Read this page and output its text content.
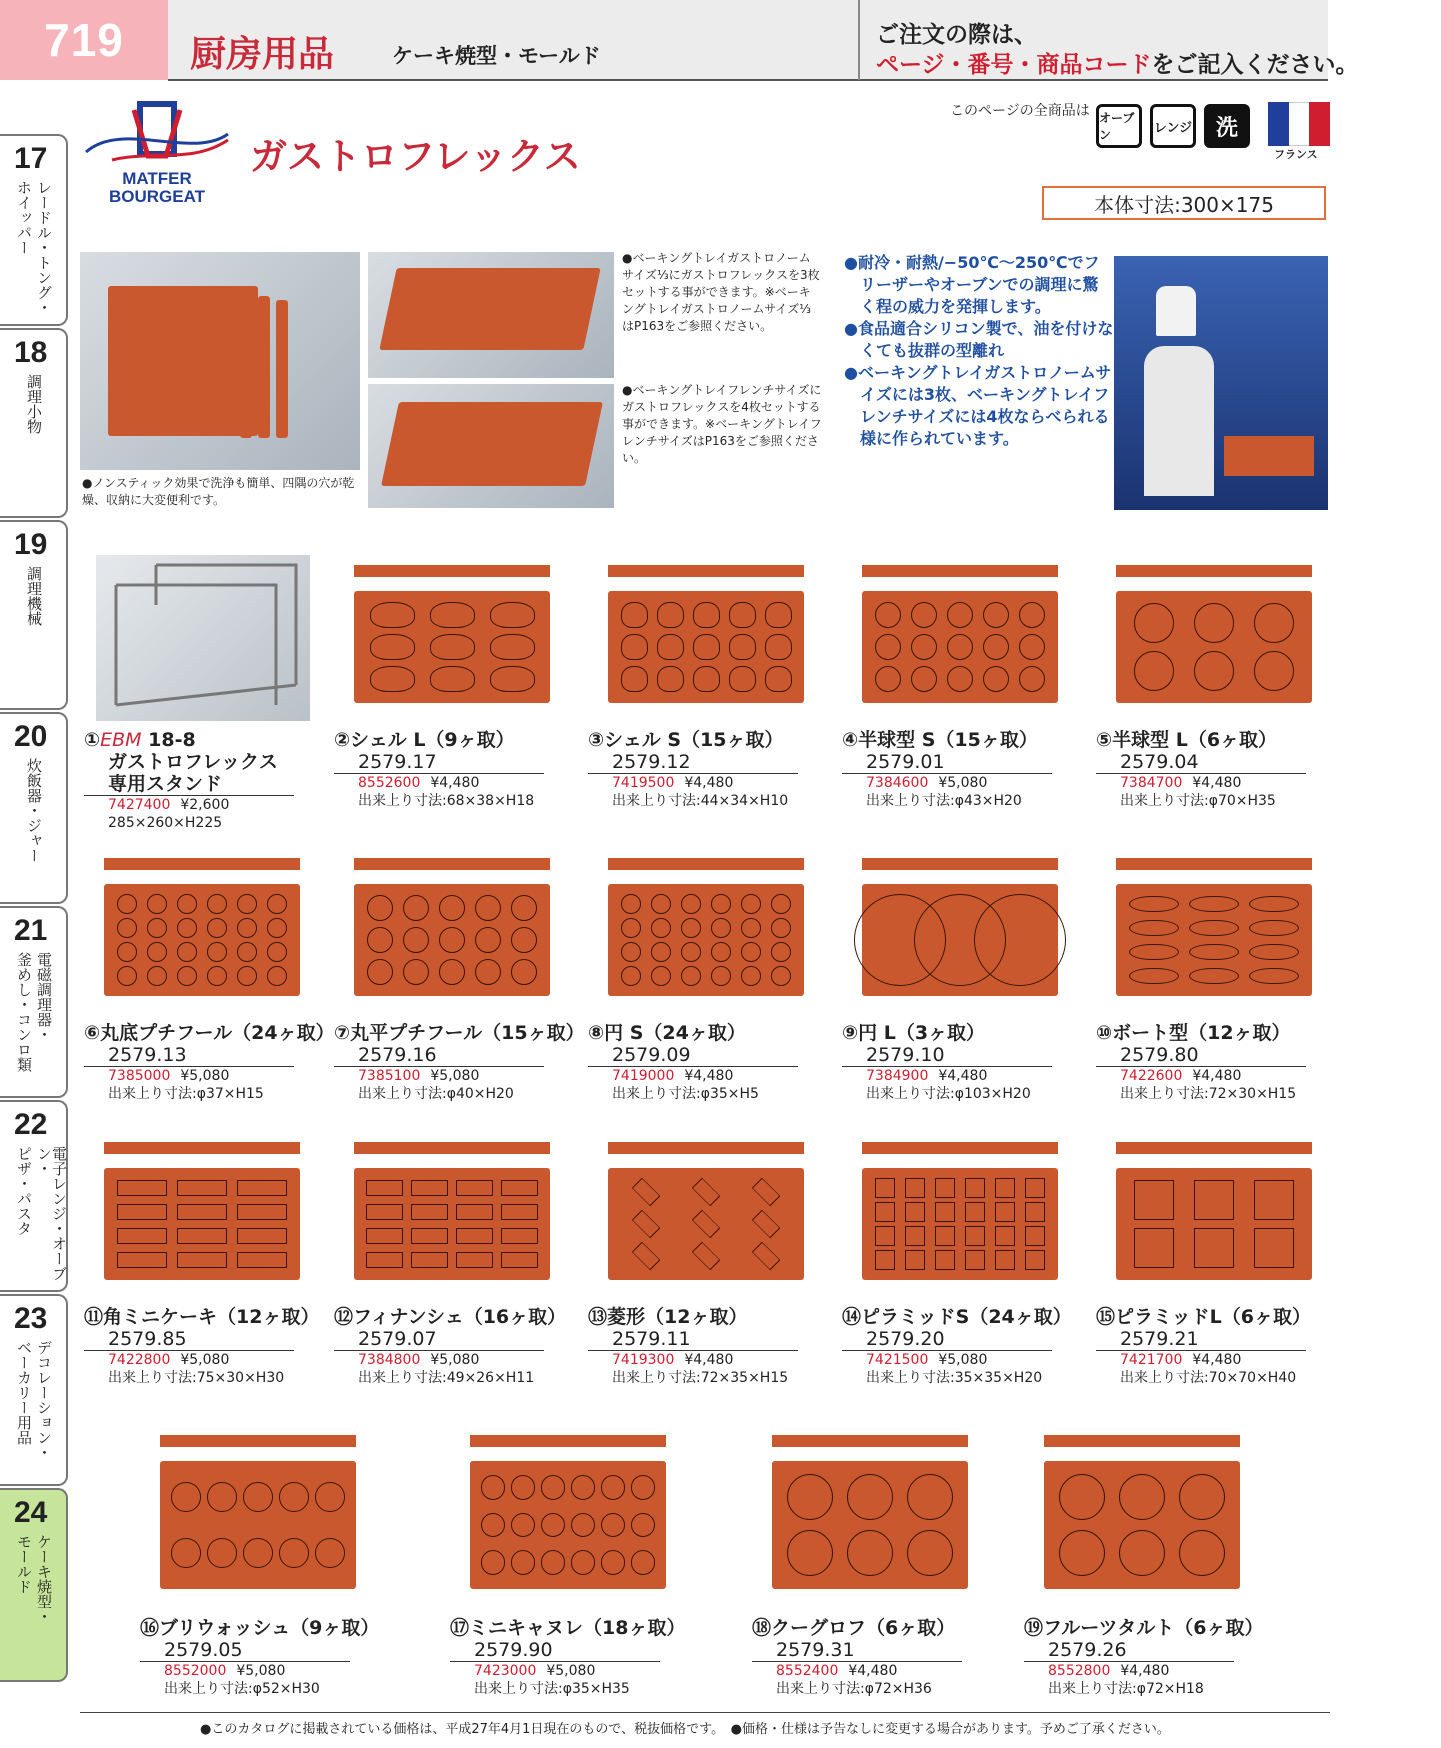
719	厨房用品	ケーキ焼型・モールド
ご注文の際は、
ページ・番号・商品コードをご記入ください。
17
レードル・トング・
ホイッパー
18
調理小物
19
調理機械
20
炊飯器・ジャー
21
電磁調理器・
釜めし・コンロ類
22
電子レンジ・オーブン・
ピザ・パスタ
23
デコレーション・
ベーカリー用品
24
ケーキ焼型・
モールド
MATFER
BOURGEAT
ガストロフレックス
このページの全商品は オーブン	レンジ	洗
フランス
本体寸法:300×175
●ノンスティック効果で洗浄も簡単、四隅の穴が乾燥、収納に大変便利です。
●ベーキングトレイガストロノームサイズ⅓にガストロフレックスを3枚セットする事ができます。※ベーキングトレイガストロノームサイズ⅓はP163をご参照ください。
●ベーキングトレイフレンチサイズにガストロフレックスを4枚セットする事ができます。※ベーキングトレイフレンチサイズはP163をご参照ください。

●耐冷・耐熱/−50℃〜250℃でフリーザーやオーブンでの調理に驚く程の威力を発揮します。

●食品適合シリコン製で、油を付けなくても抜群の型離れ

●ベーキングトレイガストロノームサイズには3枚、ベーキングトレイフレンチサイズには4枚ならべられる様に作られています。

①EBM 18-8
ガストロフレックス
専用スタンド
7427400 ¥2,600
285×260×H225
②シェル L（9ヶ取）
2579.17
8552600 ¥4,480
出来上り寸法:68×38×H18
③シェル S（15ヶ取）
2579.12
7419500 ¥4,480
出来上り寸法:44×34×H10
④半球型 S（15ヶ取）
2579.01
7384600 ¥5,080
出来上り寸法:φ43×H20
⑤半球型 L（6ヶ取）
2579.04
7384700 ¥4,480
出来上り寸法:φ70×H35
⑥丸底プチフール（24ヶ取）
2579.13
7385000 ¥5,080
出来上り寸法:φ37×H15
⑦丸平プチフール（15ヶ取）
2579.16
7385100 ¥5,080
出来上り寸法:φ40×H20
⑧円 S（24ヶ取）
2579.09
7419000 ¥4,480
出来上り寸法:φ35×H5
⑨円 L（3ヶ取）
2579.10
7384900 ¥4,480
出来上り寸法:φ103×H20
⑩ボート型（12ヶ取）
2579.80
7422600 ¥4,480
出来上り寸法:72×30×H15
⑪角ミニケーキ（12ヶ取）
2579.85
7422800 ¥5,080
出来上り寸法:75×30×H30
⑫フィナンシェ（16ヶ取）
2579.07
7384800 ¥5,080
出来上り寸法:49×26×H11
⑬菱形（12ヶ取）
2579.11
7419300 ¥4,480
出来上り寸法:72×35×H15
⑭ピラミッドS（24ヶ取）
2579.20
7421500 ¥5,080
出来上り寸法:35×35×H20
⑮ピラミッドL（6ヶ取）
2579.21
7421700 ¥4,480
出来上り寸法:70×70×H40
⑯ブリウォッシュ（9ヶ取）
2579.05
8552000 ¥5,080
出来上り寸法:φ52×H30
⑰ミニキャヌレ（18ヶ取）
2579.90
7423000 ¥5,080
出来上り寸法:φ35×H35
⑱クーグロフ（6ヶ取）
2579.31
8552400 ¥4,480
出来上り寸法:φ72×H36
⑲フルーツタルト（6ヶ取）
2579.26
8552800 ¥4,480
出来上り寸法:φ72×H18
●このカタログに掲載されている価格は、平成27年4月1日現在のもので、税抜価格です。　●価格・仕様は予告なしに変更する場合があります。予めご了承ください。
